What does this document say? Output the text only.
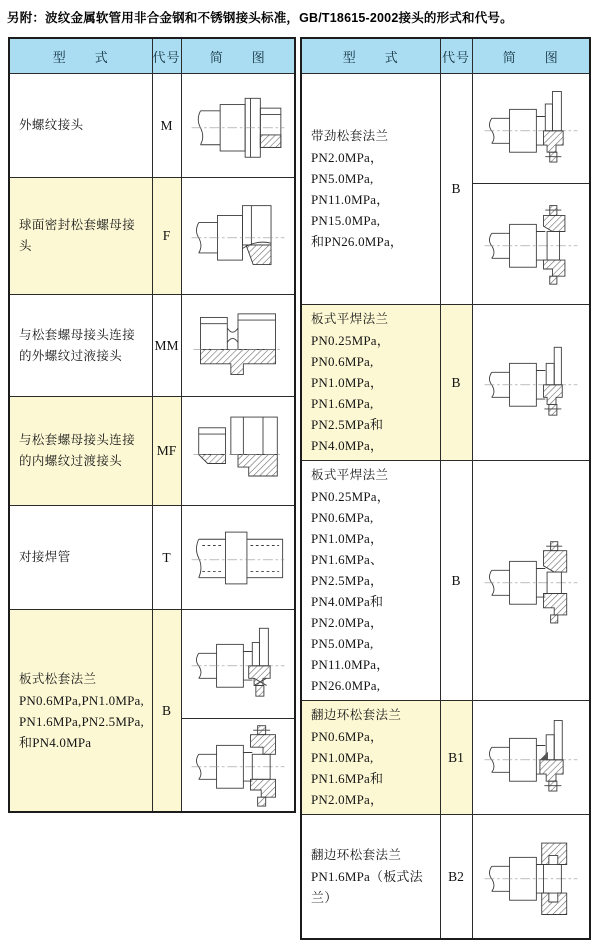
另附：波纹金属软管用非合金钢和不锈钢接头标准，GB/T18615-2002接头的形式和代号。
型　　式	代号	简　　图

外螺纹接头	M	

球面密封松套螺母接头	F	

与松套螺母接头连接的外螺纹过液接头	MM	

与松套螺母接头连接的内螺纹过渡接头	MF	

对接焊管	T	

板式松套法兰
PN0.6MPa,PN1.0MPa,
PN1.6MPa,PN2.5MPa,
和PN4.0MPa	B	

型　　式	代号	简　　图

带劲松套法兰
PN2.0MPa，PN5.0MPa,
PN11.0MPa，PN15.0MPa,
和PN26.0MPa，	B	

板式平焊法兰
PN0.25MPa，PN0.6MPa,
PN1.0MPa，PN1.6MPa,
PN2.5MPa和PN4.0MPa，	B	

板式平焊法兰
PN0.25MPa，PN0.6MPa,
PN1.0MPa，PN1.6MPa、
PN2.5MPa，PN4.0MPa和
PN2.0MPa，PN5.0MPa,
PN11.0MPa，PN26.0MPa,
	B	

翻边环松套法兰
PN0.6MPa，PN1.0MPa,
PN1.6MPa和PN2.0MPa，	B1	

翻边环松套法兰
PN1.6MPa（板式法兰）	B2	
